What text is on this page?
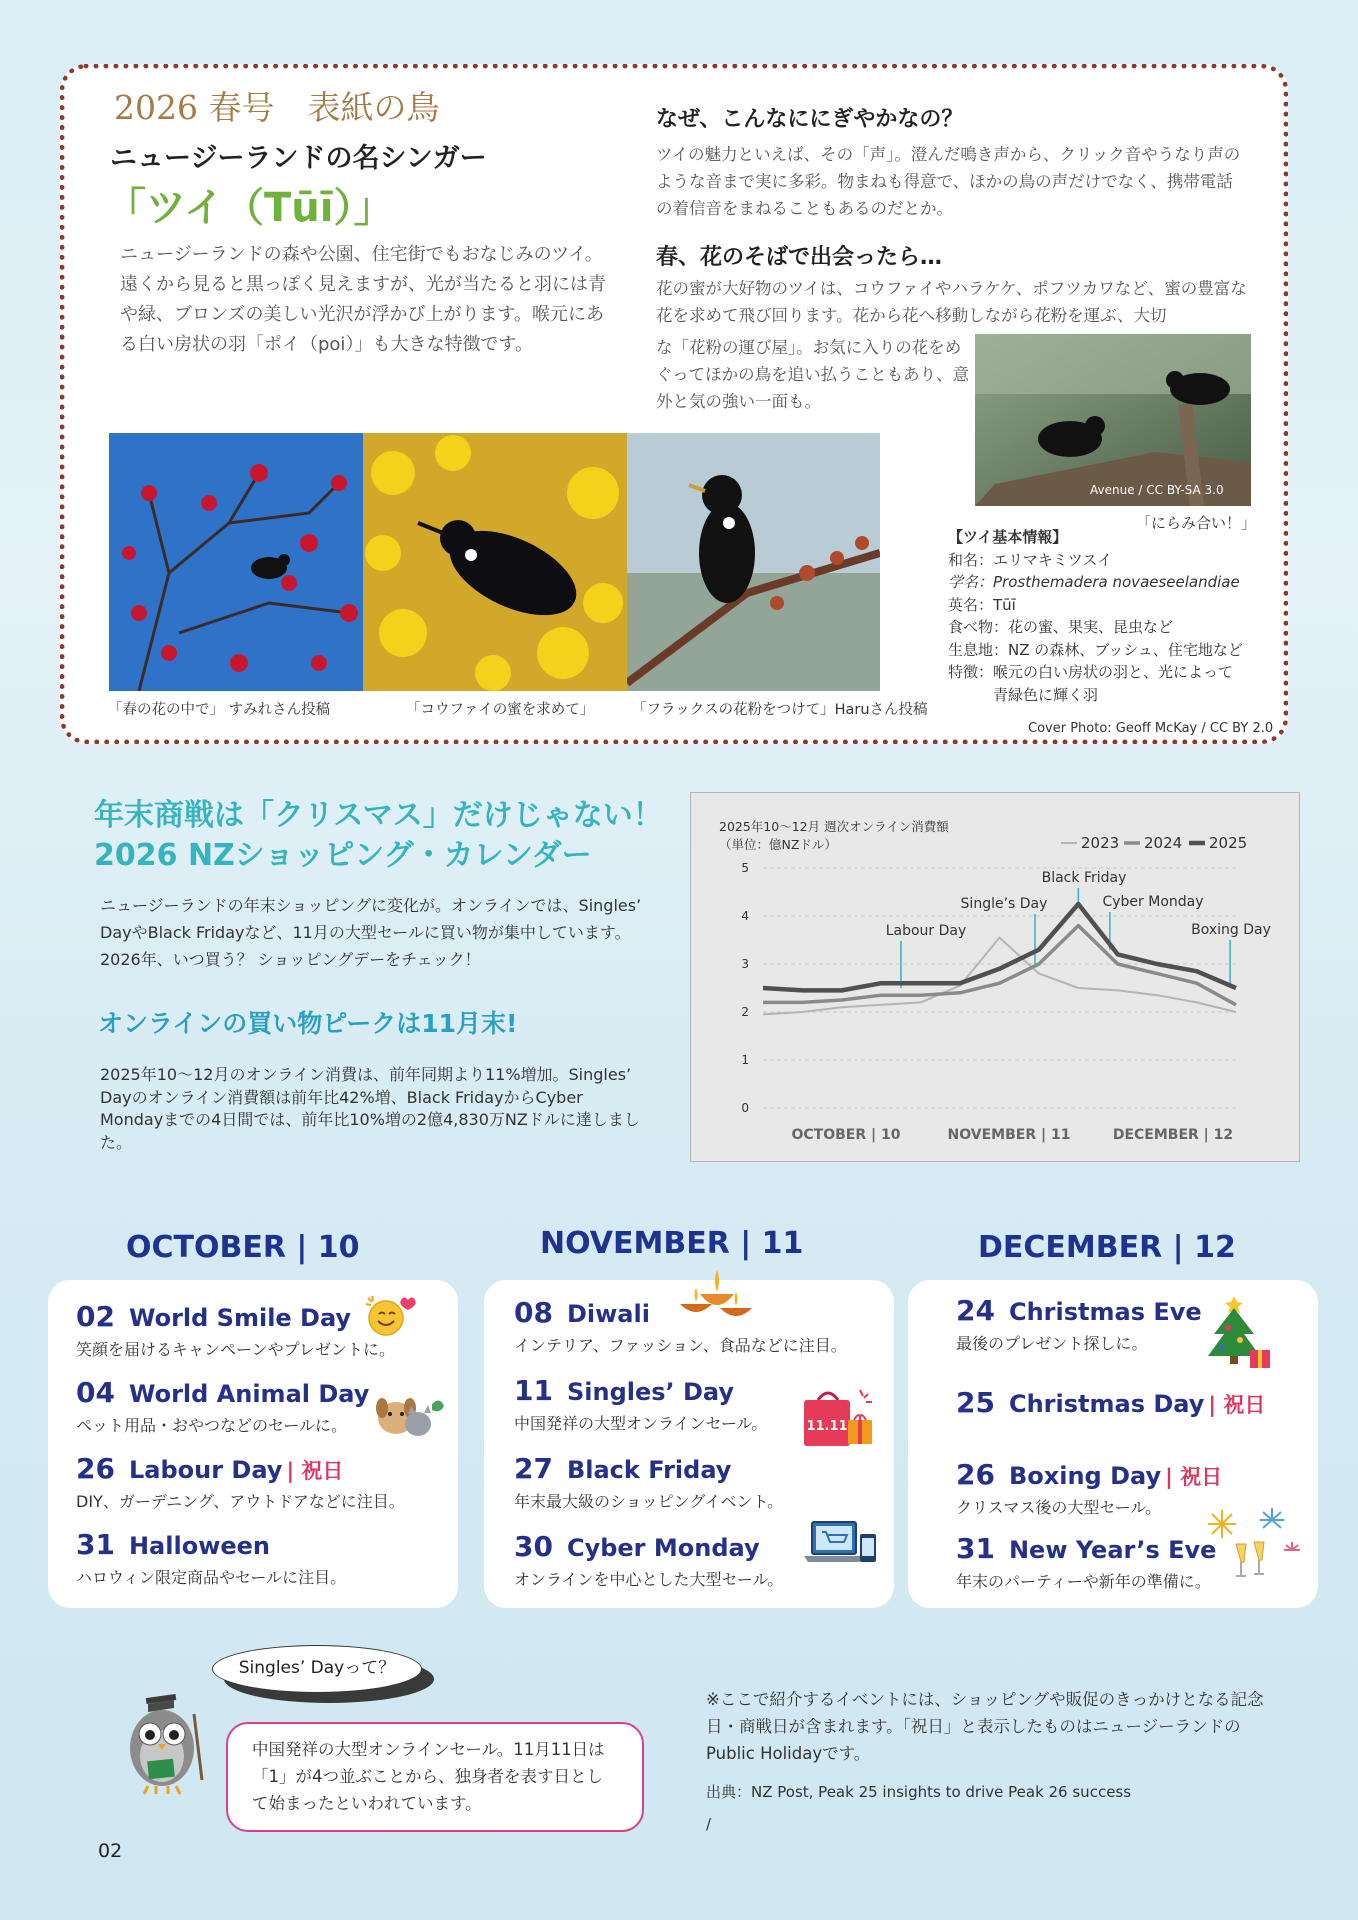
2026 春号　表紙の鳥
ニュージーランドの名シンガー
「ツイ（Tūī）」
ニュージーランドの森や公園、住宅街でもおなじみのツイ。遠くから見ると黒っぽく見えますが、光が当たると羽には青や緑、ブロンズの美しい光沢が浮かび上がります。喉元にある白い房状の羽「ポイ（poi）」も大きな特徴です。
なぜ、こんなににぎやかなの？
ツイの魅力といえば、その「声」。澄んだ鳴き声から、クリック音やうなり声のような音まで実に多彩。物まねも得意で、ほかの鳥の声だけでなく、携帯電話の着信音をまねることもあるのだとか。
春、花のそばで出会ったら…
花の蜜が大好物のツイは、コウファイやハラケケ、ポフツカワなど、蜜の豊富な花を求めて飛び回ります。花から花へ移動しながら花粉を運ぶ、大切
な「花粉の運び屋」。お気に入りの花をめぐってほかの鳥を追い払うこともあり、意外と気の強い一面も。
Avenue / CC BY-SA 3.0
「にらみ合い！」
「春の花の中で」 すみれさん投稿	「コウファイの蜜を求めて」	「フラックスの花粉をつけて」Haruさん投稿
【ツイ基本情報】
和名：エリマキミツスイ
学名：Prosthemadera novaeseelandiae
英名：Tūī
食べ物：花の蜜、果実、昆虫など
生息地：NZ の森林、ブッシュ、住宅地など
特徴：喉元の白い房状の羽と、光によって
　　　青緑色に輝く羽
Cover Photo: Geoff McKay / CC BY 2.0
年末商戦は「クリスマス」だけじゃない！
2026 NZショッピング・カレンダー
ニュージーランドの年末ショッピングに変化が。オンラインでは、Singles’ DayやBlack Fridayなど、11月の大型セールに買い物が集中しています。2026年、いつ買う？ ショッピングデーをチェック！
オンラインの買い物ピークは11月末!
2025年10〜12月のオンライン消費は、前年同期より11%増加。Singles’ Dayのオンライン消費額は前年比42%増、Black FridayからCyber Mondayまでの4日間では、前年比10%増の2億4,830万NZドルに達しました。
2025年10〜12月 週次オンライン消費額
（単位：億NZドル）
0
1
2
3
4
5
OCTOBER | 10	NOVEMBER | 11	DECEMBER | 12
Labour Day
Single’s Day
Black Friday
Cyber Monday
Boxing Day
2023 2024 2025
OCTOBER | 10	NOVEMBER | 11	DECEMBER | 12
02 World Smile Day
笑顔を届けるキャンペーンやプレゼントに。
04 World Animal Day
ペット用品・おやつなどのセールに。
26 Labour Day | 祝日
DIY、ガーデニング、アウトドアなどに注目。
31 Halloween
ハロウィン限定商品やセールに注目。
08 Diwali
インテリア、ファッション、食品などに注目。
11 Singles’ Day
中国発祥の大型オンラインセール。
27 Black Friday
年末最大級のショッピングイベント。
30 Cyber Monday
オンラインを中心とした大型セール。
11.11
24 Christmas Eve
最後のプレゼント探しに。
25 Christmas Day | 祝日
26 Boxing Day | 祝日
クリスマス後の大型セール。
31 New Year’s Eve
年末のパーティーや新年の準備に。
Singles’ Dayって？
中国発祥の大型オンラインセール。11月11日は「1」が4つ並ぶことから、独身者を表す日として始まったといわれています。
※ここで紹介するイベントには、ショッピングや販促のきっかけとなる記念日・商戦日が含まれます。「祝日」と表示したものはニュージーランドのPublic Holidayです。
出典：NZ Post, Peak 25 insights to drive Peak 26 success
/
02
